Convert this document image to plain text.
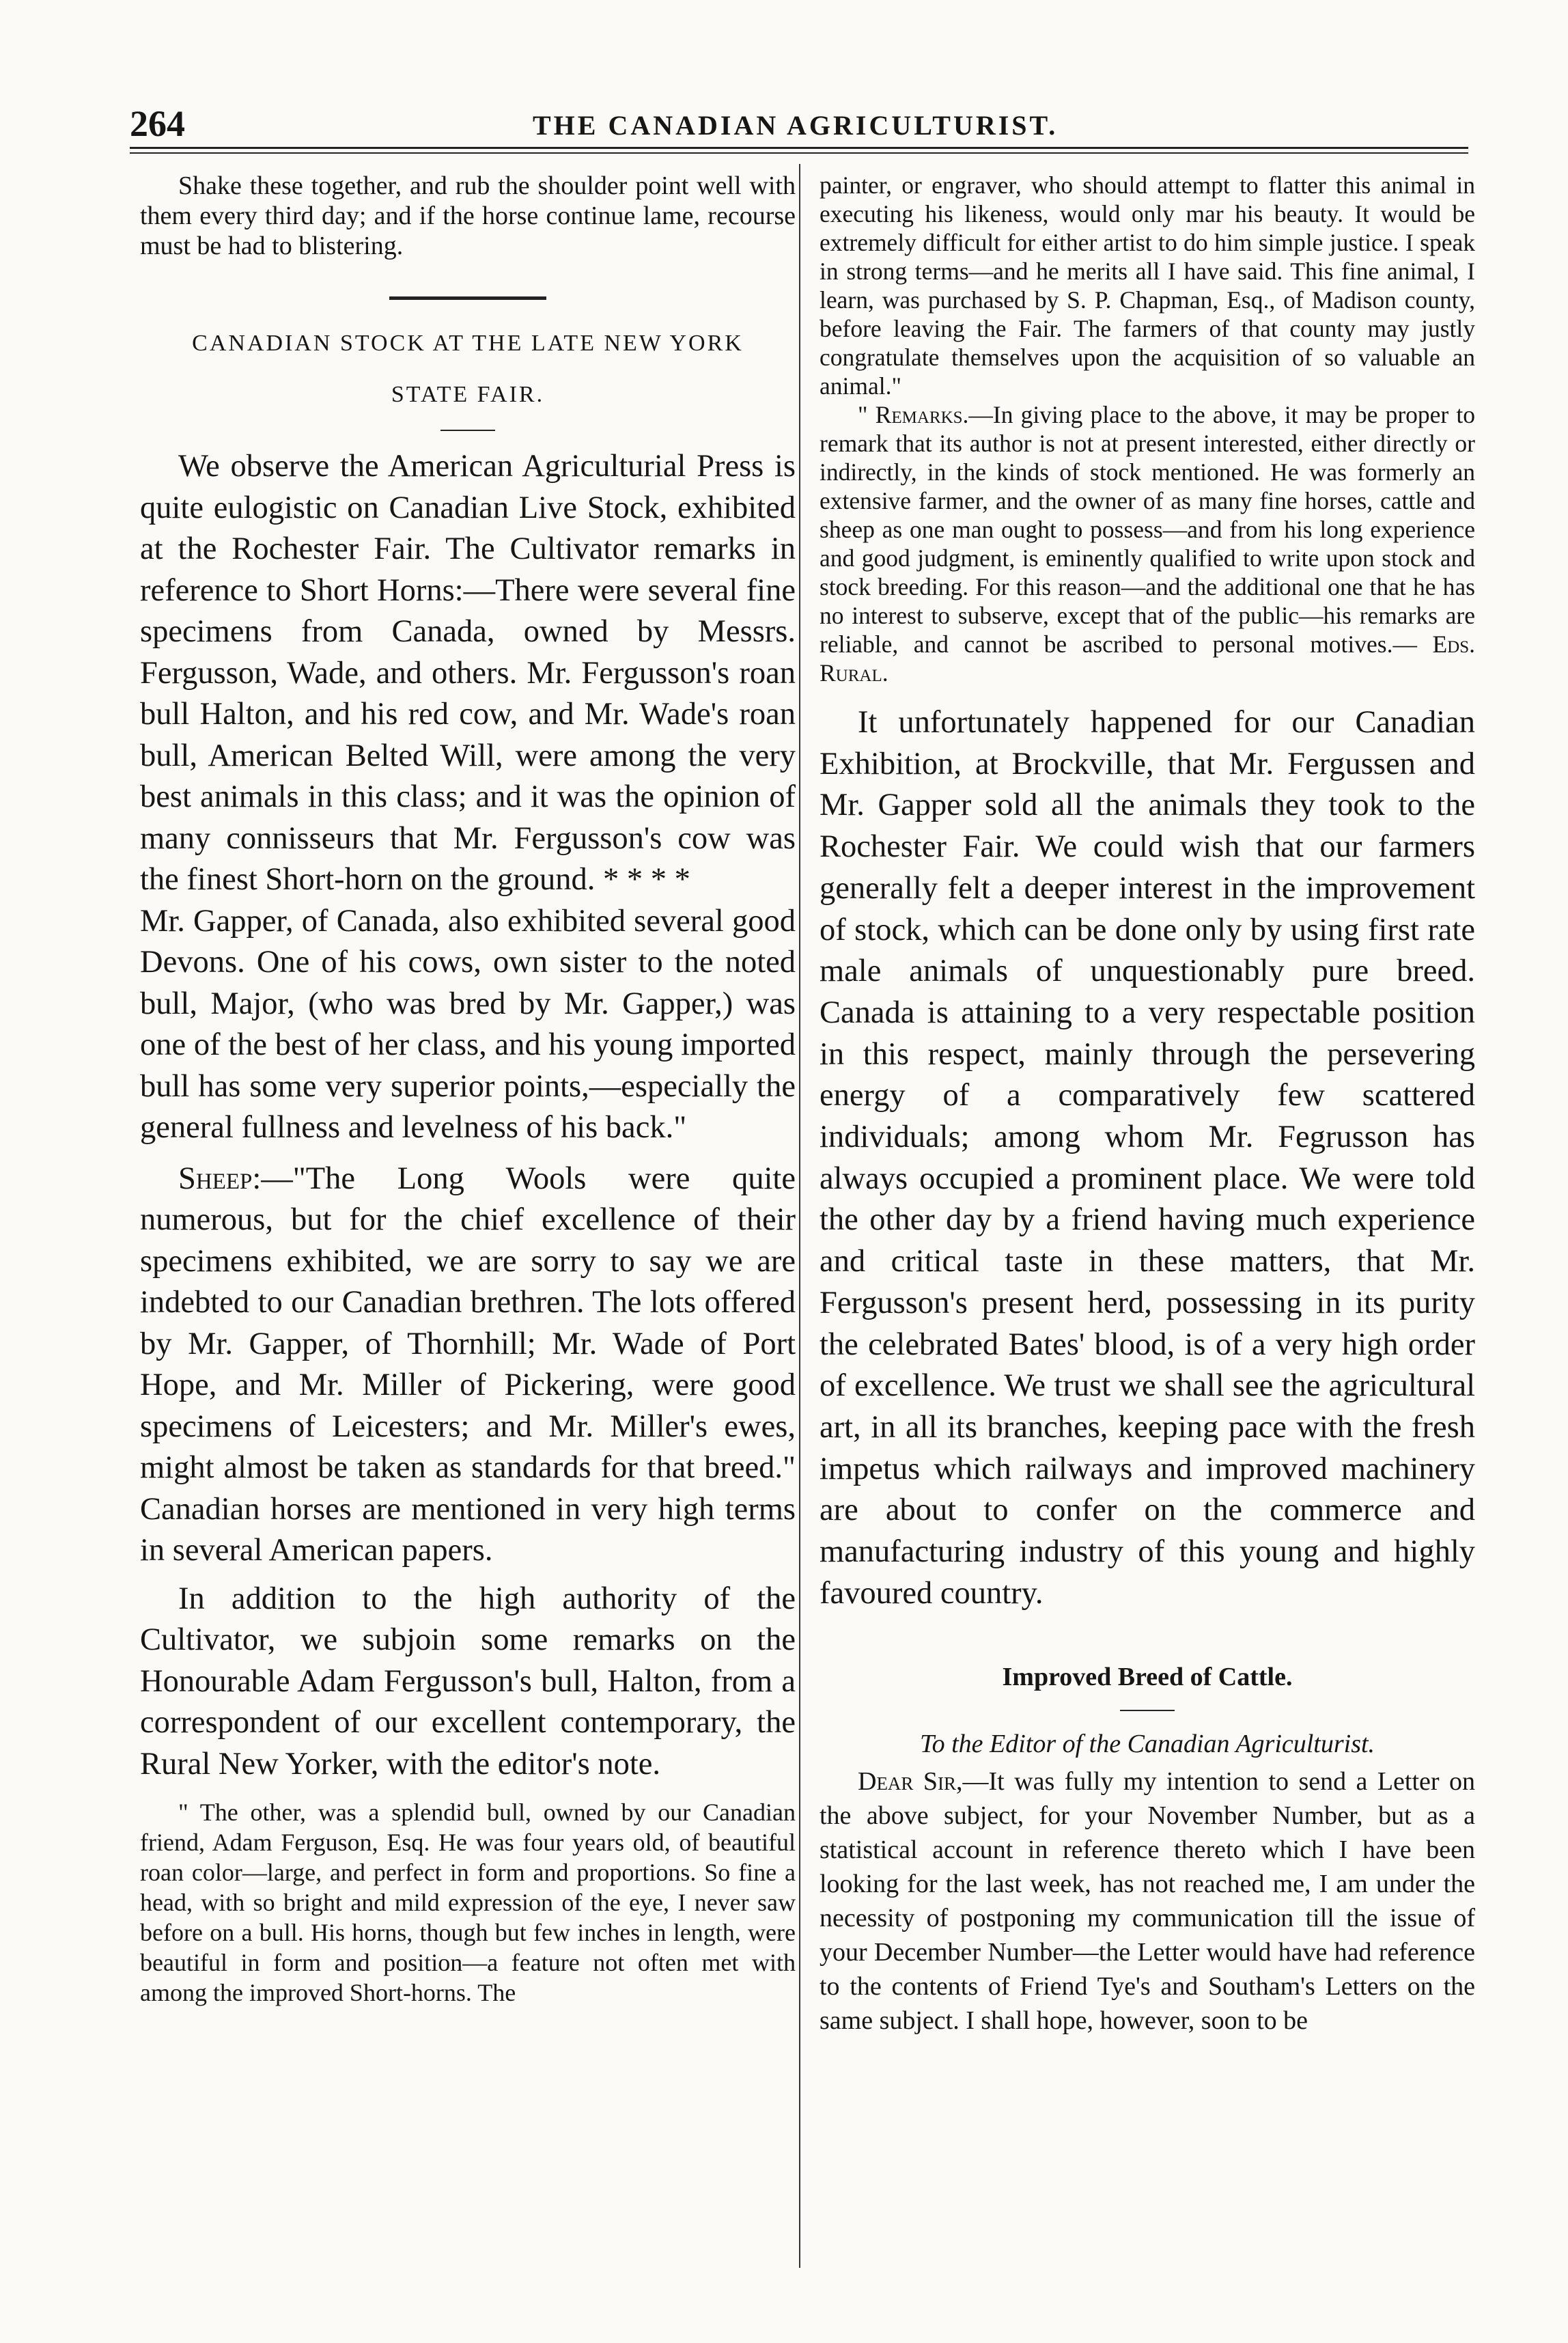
264	THE CANADIAN AGRICULTURIST.

Shake these together, and rub the shoulder point well with them every third day; and if the horse continue lame, recourse must be had to blistering.

CANADIAN STOCK AT THE LATE NEW YORK

STATE FAIR.

We observe the American Agriculturial Press is quite eulogistic on Canadian Live Stock, exhibited at the Rochester Fair. The Cultivator remarks in reference to Short Horns:—There were several fine specimens from Canada, owned by Messrs. Fergusson, Wade, and others. Mr. Fergusson's roan bull Halton, and his red cow, and Mr. Wade's roan bull, American Belted Will, were among the very best animals in this class; and it was the opinion of many connisseurs that Mr. Fergusson's cow was the finest Short-horn on the ground. * * * *

Mr. Gapper, of Canada, also exhibited several good Devons. One of his cows, own sister to the noted bull, Major, (who was bred by Mr. Gapper,) was one of the best of her class, and his young imported bull has some very superior points,—especially the general fullness and levelness of his back."

Sheep:—"The Long Wools were quite numerous, but for the chief excellence of their specimens exhibited, we are sorry to say we are indebted to our Canadian brethren. The lots offered by Mr. Gapper, of Thornhill; Mr. Wade of Port Hope, and Mr. Miller of Pickering, were good specimens of Leicesters; and Mr. Miller's ewes, might almost be taken as standards for that breed." Canadian horses are mentioned in very high terms in several American papers.

In addition to the high authority of the Cultivator, we subjoin some remarks on the Honourable Adam Fergusson's bull, Halton, from a correspondent of our excellent contemporary, the Rural New Yorker, with the editor's note.

" The other, was a splendid bull, owned by our Canadian friend, Adam Ferguson, Esq. He was four years old, of beautiful roan color—large, and perfect in form and proportions. So fine a head, with so bright and mild expression of the eye, I never saw before on a bull. His horns, though but few inches in length, were beautiful in form and position—a feature not often met with among the improved Short-horns. The

painter, or engraver, who should attempt to flatter this animal in executing his likeness, would only mar his beauty. It would be extremely difficult for either artist to do him simple justice. I speak in strong terms—and he merits all I have said. This fine animal, I learn, was purchased by S. P. Chapman, Esq., of Madison county, before leaving the Fair. The farmers of that county may justly congratulate themselves upon the acquisition of so valuable an animal."

" Remarks.—In giving place to the above, it may be proper to remark that its author is not at present interested, either directly or indirectly, in the kinds of stock mentioned. He was formerly an extensive farmer, and the owner of as many fine horses, cattle and sheep as one man ought to possess—and from his long experience and good judgment, is eminently qualified to write upon stock and stock breeding. For this reason—and the additional one that he has no interest to subserve, except that of the public—his remarks are reliable, and cannot be ascribed to personal motives.— Eds. Rural.

It unfortunately happened for our Canadian Exhibition, at Brockville, that Mr. Fergussen and Mr. Gapper sold all the animals they took to the Rochester Fair. We could wish that our farmers generally felt a deeper interest in the improvement of stock, which can be done only by using first rate male animals of unquestionably pure breed. Canada is attaining to a very respectable position in this respect, mainly through the persevering energy of a comparatively few scattered individuals; among whom Mr. Fegrusson has always occupied a prominent place. We were told the other day by a friend having much experience and critical taste in these matters, that Mr. Fergusson's present herd, possessing in its purity the celebrated Bates' blood, is of a very high order of excellence. We trust we shall see the agricultural art, in all its branches, keeping pace with the fresh impetus which railways and improved machinery are about to confer on the commerce and manufacturing industry of this young and highly favoured country.

Improved Breed of Cattle.

To the Editor of the Canadian Agriculturist.

Dear Sir,—It was fully my intention to send a Letter on the above subject, for your November Number, but as a statistical account in reference thereto which I have been looking for the last week, has not reached me, I am under the necessity of postponing my communication till the issue of your December Number—the Letter would have had reference to the contents of Friend Tye's and Southam's Letters on the same subject. I shall hope, however, soon to be
